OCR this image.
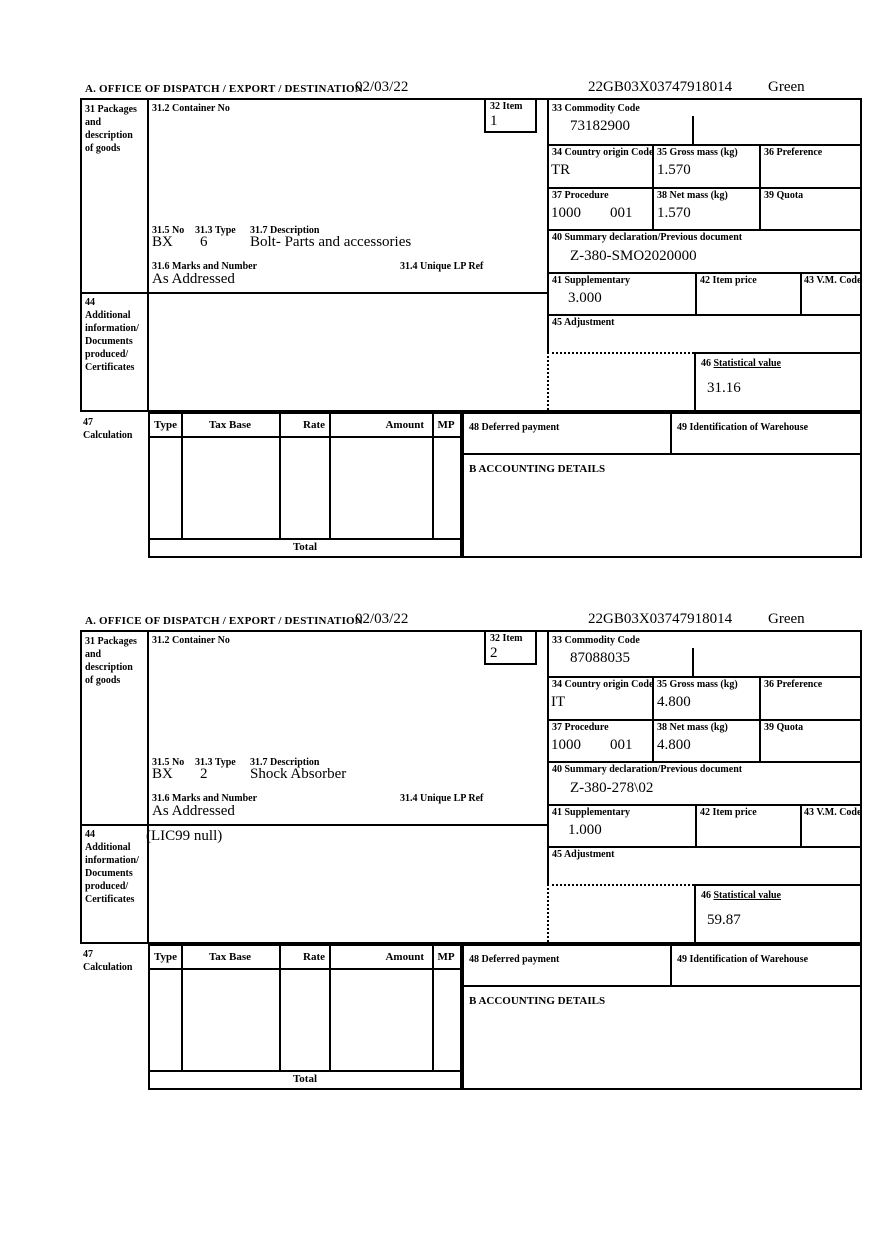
A. OFFICE OF DISPATCH / EXPORT / DESTINATION
02/03/22	22GB03X03747918014 Green
31 Packages
and
description
of goods
44
Additional
information/
Documents
produced/
Certificates
31.2 Container No	32 Item
1
31.5 No 31.3 Type 31.7 Description
BX 6	Bolt- Parts and accessories
31.6 Marks and Number	31.4 Unique LP Ref
As Addressed
33 Commodity Code
73182900
34 Country origin Code
TR
35 Gross mass (kg)
1.570
36 Preference
37 Procedure
1000 001
38 Net mass (kg)
1.570
39 Quota
40 Summary declaration/Previous document
Z-380-SMO2020000
41 Supplementary
3.000
42 Item price	43 V.M. Code
45 Adjustment
46 Statistical value
31.16
47
Calculation
Type	Tax Base	Rate	Amount	MP
Total
48 Deferred payment	49 Identification of Warehouse
B ACCOUNTING DETAILS
A. OFFICE OF DISPATCH / EXPORT / DESTINATION
02/03/22	22GB03X03747918014 Green
31 Packages
and
description
of goods
44
Additional
information/
Documents
produced/
Certificates
31.2 Container No	32 Item
2
31.5 No 31.3 Type 31.7 Description
BX 2	Shock Absorber
31.6 Marks and Number	31.4 Unique LP Ref
As Addressed
(LIC99 null)
33 Commodity Code
87088035
34 Country origin Code
IT
35 Gross mass (kg)
4.800
36 Preference
37 Procedure
1000 001
38 Net mass (kg)
4.800
39 Quota
40 Summary declaration/Previous document
Z-380-278\02
41 Supplementary
1.000
42 Item price	43 V.M. Code
45 Adjustment
46 Statistical value
59.87
47
Calculation
Type	Tax Base	Rate	Amount	MP
Total
48 Deferred payment	49 Identification of Warehouse
B ACCOUNTING DETAILS
